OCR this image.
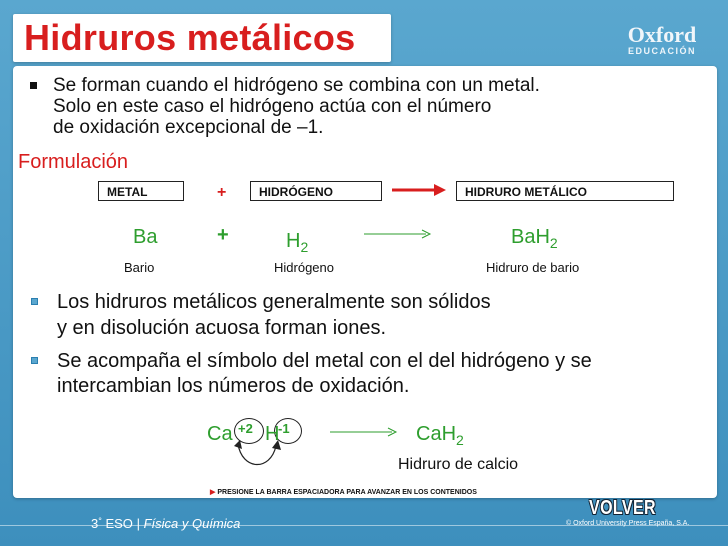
Hidruros metálicos	Oxford
EDUCACIÓN
Se forman cuando el hidrógeno se combina con un metal.
Solo en este caso el hidrógeno actúa con el número
de oxidación excepcional de –1.
Formulación
METAL	+	HIDRÓGENO	HIDRURO METÁLICO
Ba	+	$H_2$	BaH$_2$
Bario	Hidrógeno	Hidruro de bario
Los hidruros metálicos generalmente son sólidos
y en disolución acuosa forman iones.
Se acompaña el símbolo del metal con el del hidrógeno y se
intercambian los números de oxidación.
Ca +2 H
-1	CaH$_2$
Hidruro de calcio
▶ PRESIONE LA BARRA ESPACIADORA PARA AVANZAR EN LOS CONTENIDOS
VOLVER
3° ESO | Física y Química	© Oxford University Press España, S.A.
